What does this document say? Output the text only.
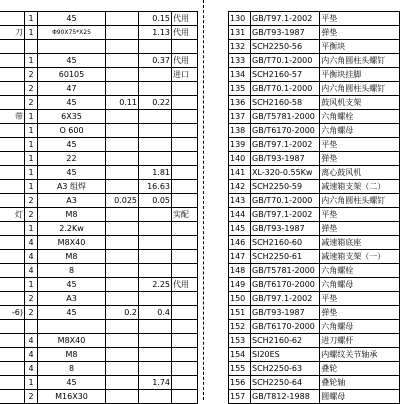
	1	45		0.15	代用
刀	1	Φ90X75*X25		1.13	代用

	1	45		0.37	代用
	2	60105			进口
	2	47			
	2	45	0.11	0.22	
带	1	6X35			
	1	O 600			
	1	45			
	1	22			
	1	45		1.81	
	1	A3 组焊		16.63	
	2	A3	0.025	0.05	
灯	2	M8			实配
	1	2.2Kw			
	4	M8X40			
	4	M8			
	4	8			
	1	45		2.25	代用
	2	A3			
-6)	2	45	0.2	0.4	

	4	M8X40			
	4	M8			
	4	8			
	1	45		1.74	
	2	M16X30			
130	GB/T97.1-2002	平垫
131	GB/T93-1987	弹垫
132	SCH2250-56	平衡块
133	GB/T70.1-2000	内六角圆柱头螺钉
134	SCH2160-57	平衡块挂脚
135	GB/T70.1-2000	内六角圆柱头螺钉
136	SCH2160-58	鼓风机支架
137	GB/T5781-2000	六角螺栓
138	GB/T6170-2000	六角螺母
139	GB/T97.1-2002	平垫
140	GB/T93-1987	弹垫
141	XL-320-0.55Kw	离心鼓风机
142	SCH2250-59	减速箱支架（二）
143	GB/T70.1-2000	内六角圆柱头螺钉
144	GB/T97.1-2002	平垫
145	GB/T93-1987	弹垫
146	SCH2160-60	减速箱底座
147	SCH2250-61	减速箱支架（一）
148	GB/T5781-2000	六角螺栓
149	GB/T6170-2000	六角螺母
150	GB/T97.1-2002	平垫
151	GB/T93-1987	弹垫
152	GB/T6170-2000	六角螺母
153	SCH2160-62	进刀螺杆
154	SI20ES	内螺纹关节轴承
155	SCH2250-63	叠轮
156	SCH2250-64	叠轮轴
157	GB/T812-1988	圆螺母
